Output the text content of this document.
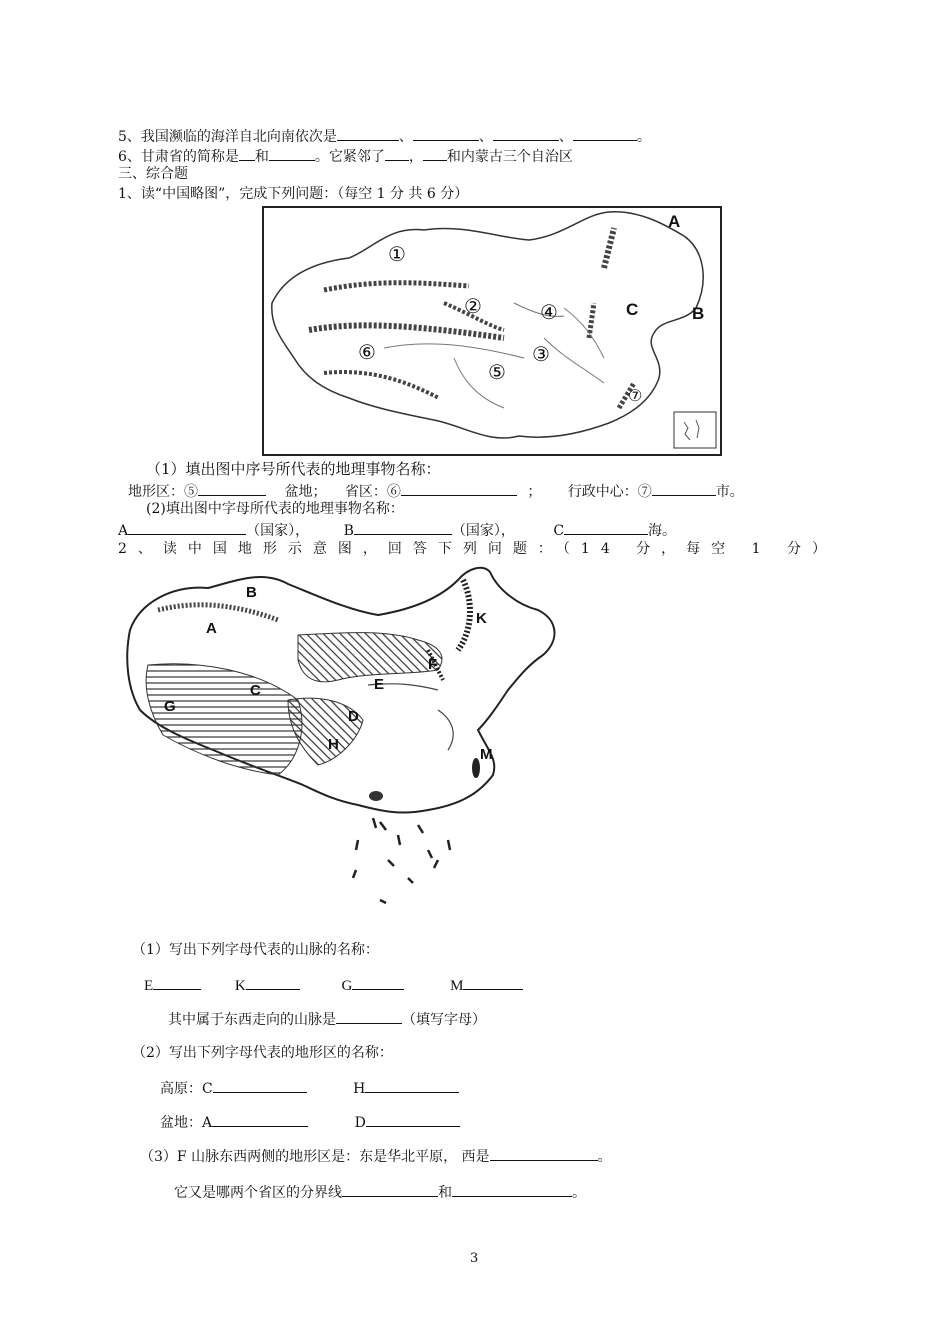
5、我国濒临的海洋自北向南依次是	、	、	、	。
6、甘肃省的简称是 和	。它紧邻了 ， 和内蒙古三个自治区
三、综合题
1、读“中国略图”，完成下列问题：（每空 1 分 共 6 分）
A
B
C
①
②
③
④
⑤
⑥
⑦
（1）填出图中序号所代表的地理事物名称：
地形区：⑤	盆地； 省区：⑥	； 行政中心：⑦	市。
(2)填出图中字母所代表的地理事物名称：
A	（国家）， B	（国家），	C	海。
2、读中国地形示意图，回答下列问题：（14 分，每空 1 分）
B
A
C
G
D
H
E
F
K
M
（1）写出下列字母代表的山脉的名称：
E	K	G	M
其中属于东西走向的山脉是	（填写字母）
（2）写出下列字母代表的地形区的名称：
高原：C	H
盆地：A	D
（3）F 山脉东西两侧的地形区是：东是华北平原， 西是	。
它又是哪两个省区的分界线	和	。
3
